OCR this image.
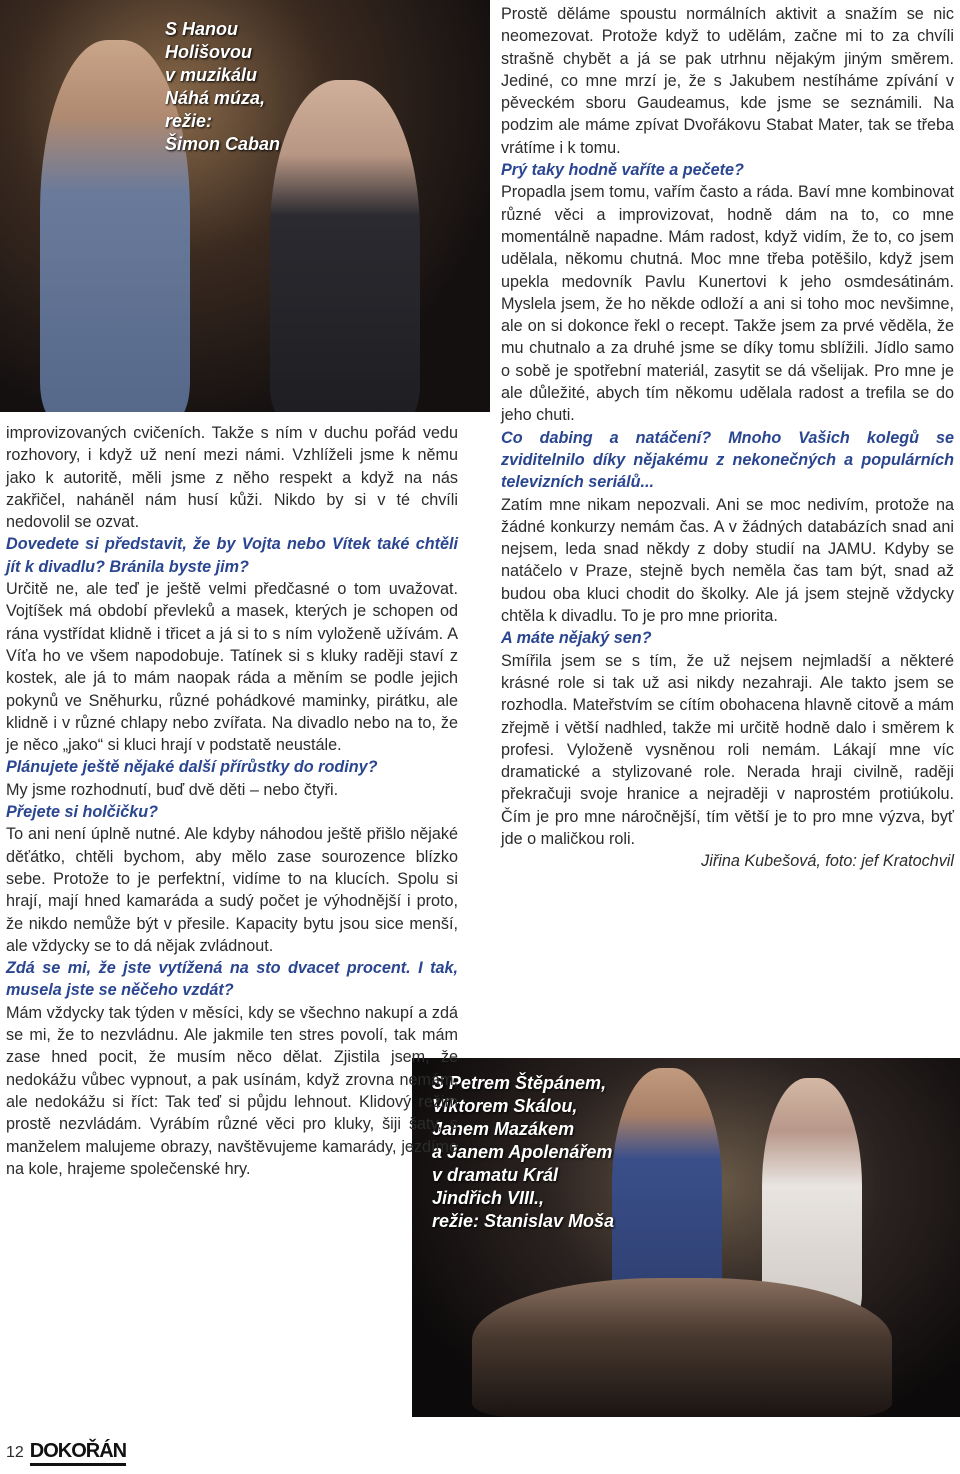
S Hanou
Holišovou
v muzikálu
Náhá múza,
režie:
Šimon Caban
S Petrem Štěpánem,
Viktorem Skálou,
Janem Mazákem
a Janem Apolenářem
v dramatu Král
Jindřich VIII.,
režie: Stanislav Moša

improvizovaných cvičeních. Takže s ním v duchu pořád vedu rozhovory, i když už není mezi námi. Vzhlíželi jsme k němu jako k autoritě, měli jsme z něho respekt a když na nás zakřičel, naháněl nám husí kůži. Nikdo by si v té chvíli nedovolil se ozvat.

Dovedete si představit, že by Vojta nebo Vítek také chtěli jít k divadlu? Bránila byste jim?

Určitě ne, ale teď je ještě velmi předčasné o tom uvažovat. Vojtíšek má období převleků a masek, kterých je schopen od rána vystřídat klidně i třicet a já si to s ním vyloženě užívám. A Víťa ho ve všem napodobuje. Tatínek si s kluky raději staví z kostek, ale já to mám naopak ráda a měním se podle jejich pokynů ve Sněhurku, různé pohádkové maminky, pirátku, ale klidně i v různé chlapy nebo zvířata. Na divadlo nebo na to, že je něco „jako“ si kluci hrají v podstatě neustále.

Plánujete ještě nějaké další přírůstky do rodiny?

My jsme rozhodnutí, buď dvě děti – nebo čtyři.

Přejete si holčičku?

To ani není úplně nutné. Ale kdyby náhodou ještě přišlo nějaké děťátko, chtěli bychom, aby mělo zase sourozence blízko sebe. Protože to je perfektní, vidíme to na klucích. Spolu si hrají, mají hned kamaráda a sudý počet je výhodnější i proto, že nikdo nemůže být v přesile. Kapacity bytu jsou sice menší, ale vždycky se to dá nějak zvládnout.

Zdá se mi, že jste vytížená na sto dvacet procent. I tak, musela jste se něčeho vzdát?

Mám vždycky tak týden v měsíci, kdy se všechno nakupí a zdá se mi, že to nezvládnu. Ale jakmile ten stres povolí, tak mám zase hned pocit, že musím něco dělat. Zjistila jsem, že nedokážu vůbec vypnout, a pak usínám, když zrovna nemám, ale nedokážu si říct: Tak teď si půjdu lehnout. Klidový režim prostě nezvládám. Vyrábím různé věci pro kluky, šiji šaty, s manželem malujeme obrazy, navštěvujeme kamarády, jezdíme na kole, hrajeme společenské hry.

Prostě děláme spoustu normálních aktivit a snažím se nic neomezovat. Protože když to udělám, začne mi to za chvíli strašně chybět a já se pak utrhnu nějakým jiným směrem. Jediné, co mne mrzí je, že s Jakubem nestíháme zpívání v pěveckém sboru Gaudeamus, kde jsme se seznámili. Na podzim ale máme zpívat Dvořákovu Stabat Mater, tak se třeba vrátíme i k tomu.

Prý taky hodně vaříte a pečete?

Propadla jsem tomu, vařím často a ráda. Baví mne kombinovat různé věci a improvizovat, hodně dám na to, co mne momentálně napadne. Mám radost, když vidím, že to, co jsem udělala, někomu chutná. Moc mne třeba potěšilo, když jsem upekla medovník Pavlu Kunertovi k jeho osmdesátinám. Myslela jsem, že ho někde odloží a ani si toho moc nevšimne, ale on si dokonce řekl o recept. Takže jsem za prvé věděla, že mu chutnalo a za druhé jsme se díky tomu sblížili. Jídlo samo o sobě je spotřební materiál, zasytit se dá všelijak. Pro mne je ale důležité, abych tím někomu udělala radost a trefila se do jeho chuti.

Co dabing a natáčení? Mnoho Vašich kolegů se zviditelnilo díky nějakému z nekonečných a populárních televizních seriálů...

Zatím mne nikam nepozvali. Ani se moc nedivím, protože na žádné konkurzy nemám čas. A v žádných databázích snad ani nejsem, leda snad někdy z doby studií na JAMU. Kdyby se natáčelo v Praze, stejně bych neměla čas tam být, snad až budou oba kluci chodit do školky. Ale já jsem stejně vždycky chtěla k divadlu. To je pro mne priorita.

A máte nějaký sen?

Smířila jsem se s tím, že už nejsem nejmladší a některé krásné role si tak už asi nikdy nezahraji. Ale takto jsem se rozhodla. Mateřstvím se cítím obohacena hlavně citově a mám zřejmě i větší nadhled, takže mi určitě hodně dalo i směrem k profesi. Vyloženě vysněnou roli nemám. Lákají mne víc dramatické a stylizované role. Nerada hraji civilně, raději překračuji svoje hranice a nejraději v naprostém protiúkolu. Čím je pro mne náročnější, tím větší je to pro mne výzva, byť jde o maličkou roli.

Jiřina Kubešová, foto: jef Kratochvil

12 DOKOŘÁN
